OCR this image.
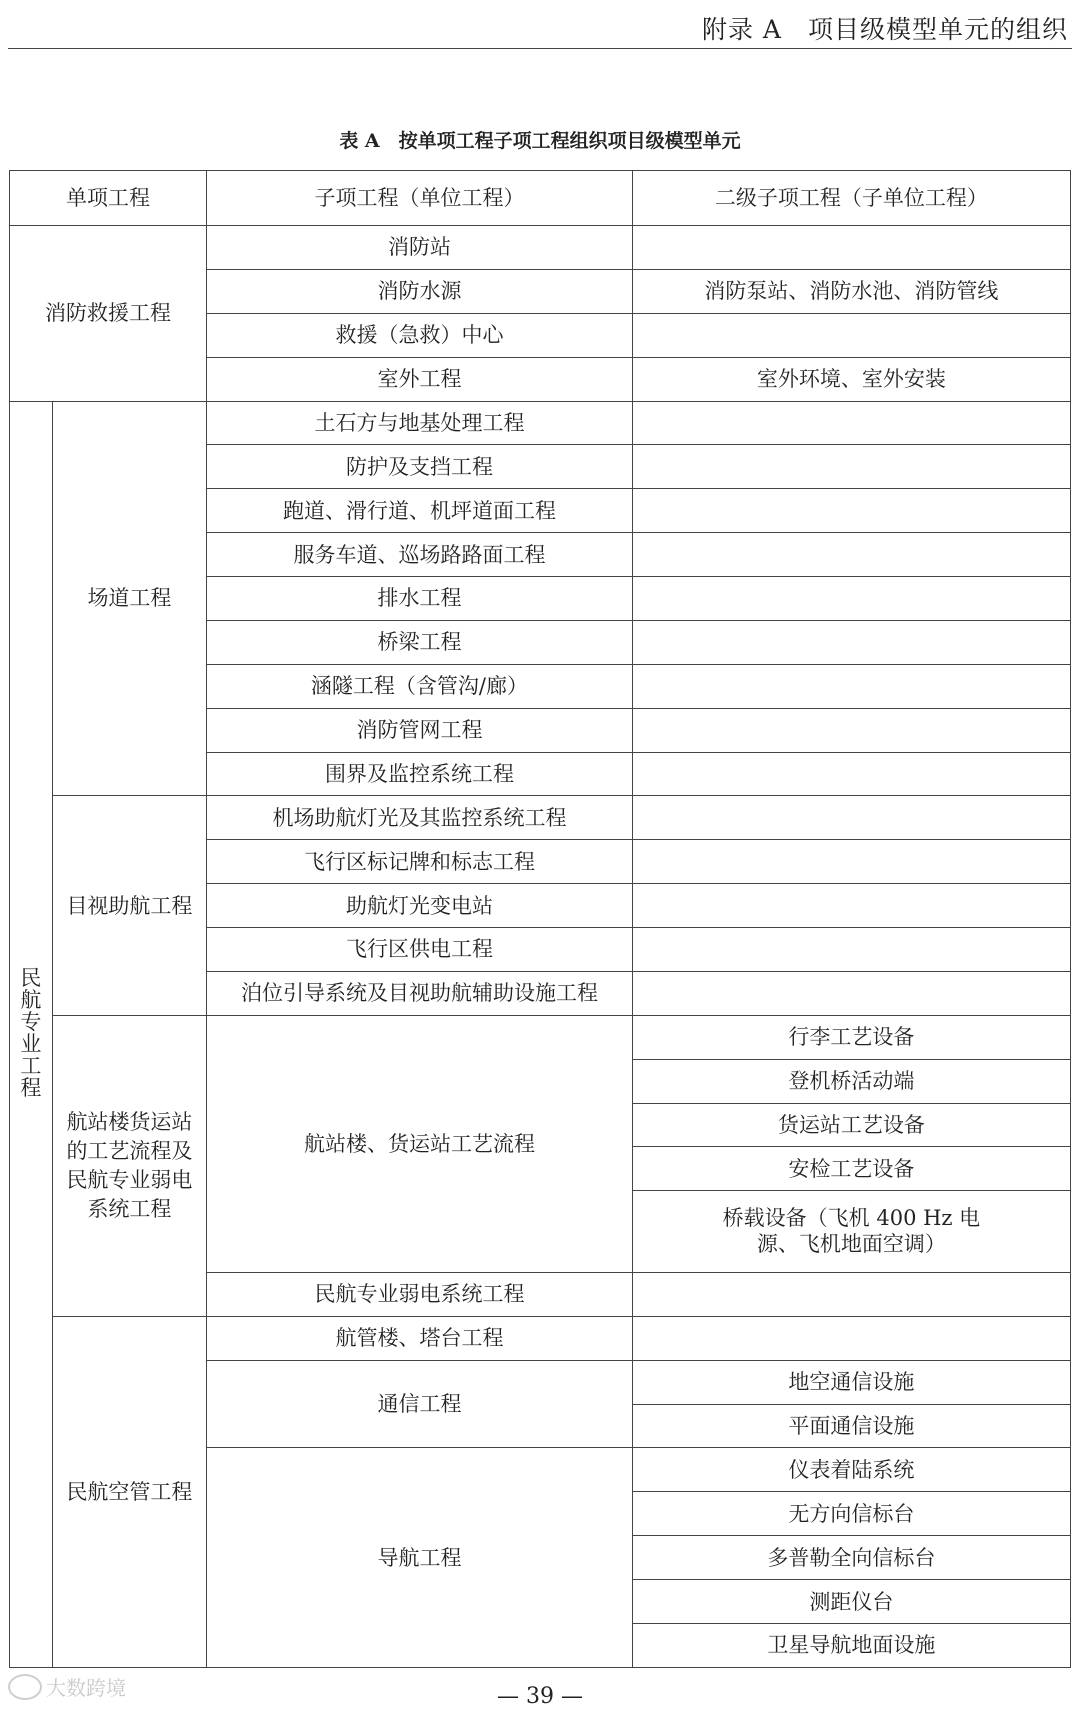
附录 A　项目级模型单元的组织
表 A　按单项工程子项工程组织项目级模型单元
单项工程		子项工程（单位工程）	二级子项工程（子单位工程）
消防救援工程		消防站	
		消防水源	消防泵站、消防水池、消防管线
		救援（急救）中心	
		室外工程	室外环境、室外安装
民航专业工程	场道工程	土石方与地基处理工程	
		防护及支挡工程	
		跑道、滑行道、机坪道面工程	
		服务车道、巡场路路面工程	
		排水工程	
		桥梁工程	
		涵隧工程（含管沟/廊）	
		消防管网工程	
		围界及监控系统工程	
	目视助航工程	机场助航灯光及其监控系统工程	
		飞行区标记牌和标志工程	
		助航灯光变电站	
		飞行区供电工程	
		泊位引导系统及目视助航辅助设施工程	
	航站楼货运站的工艺流程及民航专业弱电系统工程	航站楼、货运站工艺流程	行李工艺设备
			登机桥活动端
			货运站工艺设备
			安检工艺设备
			桥载设备（飞机 400 Hz 电源、飞机地面空调）

		民航专业弱电系统工程	
	民航空管工程	航管楼、塔台工程	
		通信工程	地空通信设施
			平面通信设施
		导航工程	仪表着陆系统
			无方向信标台
			多普勒全向信标台
			测距仪台
			卫星导航地面设施
— 39 —
大数跨境
